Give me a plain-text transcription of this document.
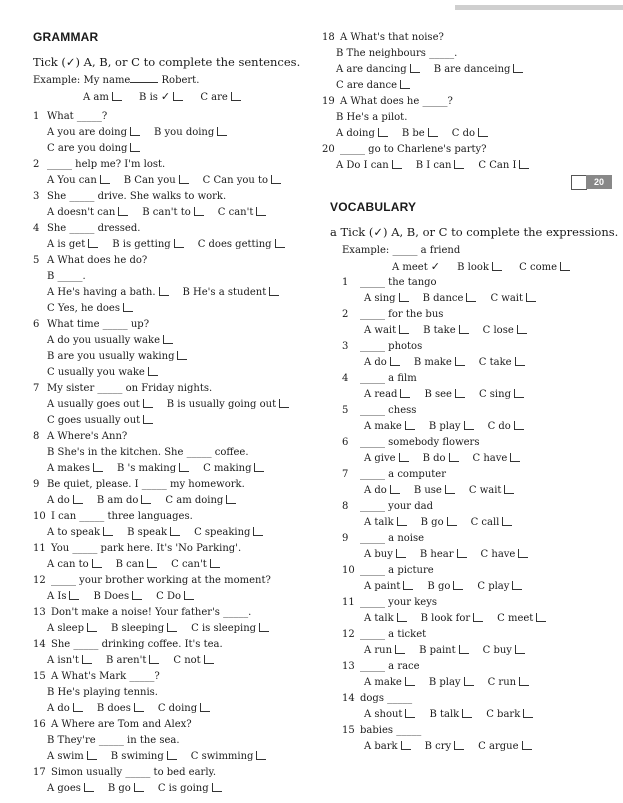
GRAMMAR
Tick (✓) A, B, or C to complete the sentences.
Example: My name	Robert.
A am	B is ✓	C are
1 What _____?
A you are doing	B you doing
C are you doing
2 _____ help me? I'm lost.
A You can	B Can you	C Can you to
3 She _____ drive. She walks to work.
A doesn't can	B can't to	C can't
4 She _____ dressed.
A is get	B is getting	C does getting
5 A What does he do?
B _____.
A He's having a bath.	B He's a student
C Yes, he does
6 What time _____ up?
A do you usually wake
B are you usually waking
C usually you wake
7 My sister _____ on Friday nights.
A usually goes out	B is usually going out
C goes usually out
8 A Where's Ann?
B She's in the kitchen. She _____ coffee.
A makes	B 's making	C making
9 Be quiet, please. I _____ my homework.
A do	B am do	C am doing
10 I can _____ three languages.
A to speak	B speak	C speaking
11 You _____ park here. It's 'No Parking'.
A can to	B can	C can't
12 _____ your brother working at the moment?
A Is	B Does	C Do
13 Don't make a noise! Your father's _____.
A sleep	B sleeping	C is sleeping
14 She _____ drinking coffee. It's tea.
A isn't	B aren't	C not
15 A What's Mark _____?
B He's playing tennis.
A do	B does	C doing
16 A Where are Tom and Alex?
B They're _____ in the sea.
A swim	B swiming	C swimming
17 Simon usually _____ to bed early.
A goes	B go	C is going
18 A What's that noise?
B The neighbours _____.
A are dancing	B are danceing
C are dance
19 A What does he _____?
B He's a pilot.
A doing	B be	C do
20 _____ go to Charlene's party?
A Do I can	B I can	C Can I
20
VOCABULARY
a Tick (✓) A, B, or C to complete the expressions.
Example: _____ a friend
A meet ✓ B look	C come
1 _____ the tango
A sing	B dance	C wait
2 _____ for the bus
A wait	B take	C lose
3 _____ photos
A do	B make	C take
4 _____ a film
A read	B see	C sing
5 _____ chess
A make	B play	C do
6 _____ somebody flowers
A give	B do	C have
7 _____ a computer
A do	B use	C wait
8 _____ your dad
A talk	B go	C call
9 _____ a noise
A buy	B hear	C have
10 _____ a picture
A paint	B go	C play
11 _____ your keys
A talk	B look for	C meet
12 _____ a ticket
A run	B paint	C buy
13 _____ a race
A make	B play	C run
14 dogs _____
A shout	B talk	C bark
15 babies _____
A bark	B cry	C argue
